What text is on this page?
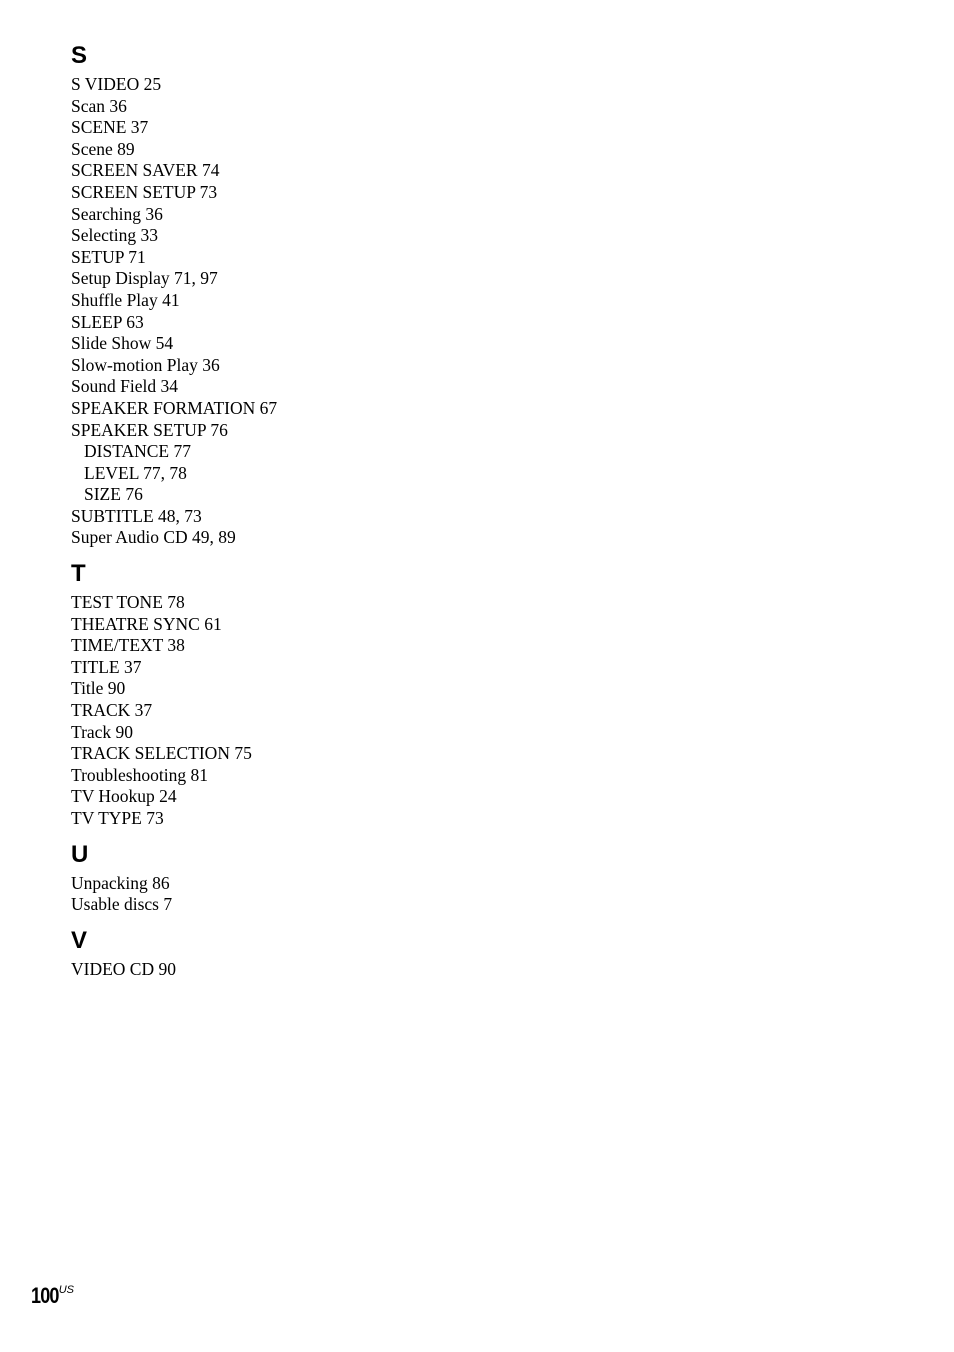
S
S VIDEO 25
Scan 36
SCENE 37
Scene 89
SCREEN SAVER 74
SCREEN SETUP 73
Searching 36
Selecting 33
SETUP 71
Setup Display 71, 97
Shuffle Play 41
SLEEP 63
Slide Show 54
Slow-motion Play 36
Sound Field 34
SPEAKER FORMATION 67
SPEAKER SETUP 76
DISTANCE 77
LEVEL 77, 78
SIZE 76
SUBTITLE 48, 73
Super Audio CD 49, 89
T
TEST TONE 78
THEATRE SYNC 61
TIME/TEXT 38
TITLE 37
Title 90
TRACK 37
Track 90
TRACK SELECTION 75
Troubleshooting 81
TV Hookup 24
TV TYPE 73
U
Unpacking 86
Usable discs 7
V
VIDEO CD 90
$100^{US}$
